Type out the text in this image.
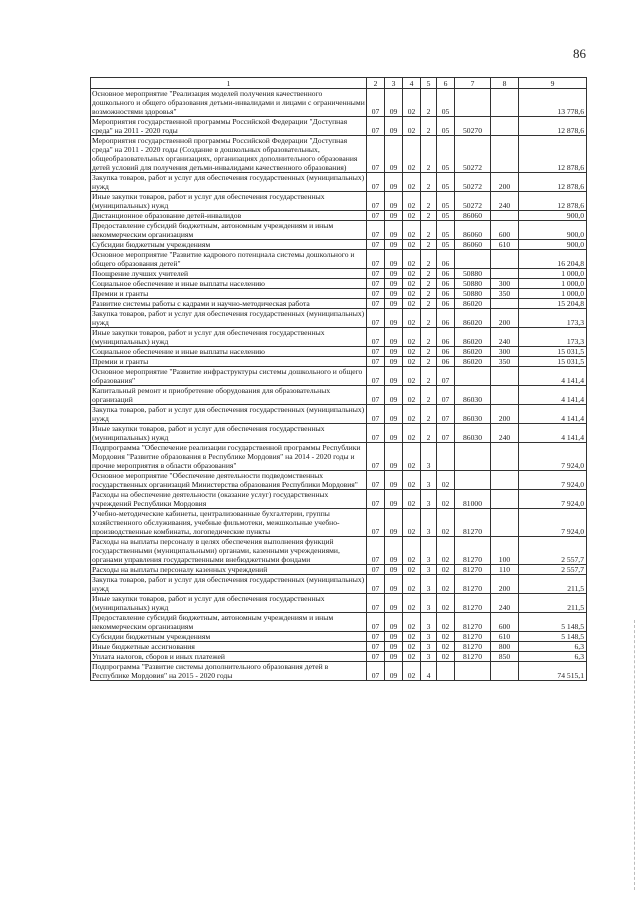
86
1	2	3	4	5	6	7	8	9
Основное мероприятие "Реализация моделей получения качественного дошкольного и общего образования детьми-инвалидами и лицами с ограниченными возможностями здоровья"	07	09	02	2	05			13 778,6
Мероприятия государственной программы Российской Федерации "Доступная среда" на 2011 - 2020 годы	07	09	02	2	05	50270		12 878,6
Мероприятия государственной программы Российской Федерации "Доступная среда" на 2011 - 2020 годы (Создание в дошкольных образовательных, общеобразовательных организациях, организациях дополнительного образования детей условий для получения детьми-инвалидами качественного образования)	07	09	02	2	05	50272		12 878,6
Закупка товаров, работ и услуг для обеспечения государственных (муниципальных) нужд	07	09	02	2	05	50272	200	12 878,6
Иные закупки товаров, работ и услуг для обеспечения государственных (муниципальных) нужд	07	09	02	2	05	50272	240	12 878,6
Дистанционное образование детей-инвалидов	07	09	02	2	05	86060		900,0
Предоставление субсидий бюджетным, автономным учреждениям и иным некоммерческим организациям	07	09	02	2	05	86060	600	900,0
Субсидии бюджетным учреждениям	07	09	02	2	05	86060	610	900,0
Основное мероприятие "Развитие кадрового потенциала системы дошкольного и общего образования детей"	07	09	02	2	06			16 204,8
Поощрение лучших учителей	07	09	02	2	06	50880		1 000,0
Социальное обеспечение и иные выплаты населению	07	09	02	2	06	50880	300	1 000,0
Премии и гранты	07	09	02	2	06	50880	350	1 000,0
Развитие системы работы с кадрами и научно-методическая работа	07	09	02	2	06	86020		15 204,8
Закупка товаров, работ и услуг для обеспечения государственных (муниципальных) нужд	07	09	02	2	06	86020	200	173,3
Иные закупки товаров, работ и услуг для обеспечения государственных (муниципальных) нужд	07	09	02	2	06	86020	240	173,3
Социальное обеспечение и иные выплаты населению	07	09	02	2	06	86020	300	15 031,5
Премии и гранты	07	09	02	2	06	86020	350	15 031,5
Основное мероприятие "Развитие инфраструктуры системы дошкольного и общего образования"	07	09	02	2	07			4 141,4
Капитальный ремонт и приобретение оборудования для образовательных организаций	07	09	02	2	07	86030		4 141,4
Закупка товаров, работ и услуг для обеспечения государственных (муниципальных) нужд	07	09	02	2	07	86030	200	4 141,4
Иные закупки товаров, работ и услуг для обеспечения государственных (муниципальных) нужд	07	09	02	2	07	86030	240	4 141,4
Подпрограмма "Обеспечение реализации государственной программы Республики Мордовия "Развитие образования в Республике Мордовия" на 2014 - 2020 годы и прочие мероприятия в области образования"	07	09	02	3				7 924,0
Основное мероприятие "Обеспечение деятельности подведомственных государственных организаций Министерства образования Республики Мордовия"	07	09	02	3	02			7 924,0
Расходы на обеспечение деятельности (оказание услуг) государственных учреждений Республики Мордовия	07	09	02	3	02	81000		7 924,0
Учебно-методические кабинеты, централизованные бухгалтерии, группы хозяйственного обслуживания, учебные фильмотеки, межшкольные учебно-производственные комбинаты, логопедические пункты	07	09	02	3	02	81270		7 924,0
Расходы на выплаты персоналу в целях обеспечения выполнения функций государственными (муниципальными) органами, казенными учреждениями, органами управления государственными внебюджетными фондами	07	09	02	3	02	81270	100	2 557,7
Расходы на выплаты персоналу казенных учреждений	07	09	02	3	02	81270	110	2 557,7
Закупка товаров, работ и услуг для обеспечения государственных (муниципальных) нужд	07	09	02	3	02	81270	200	211,5
Иные закупки товаров, работ и услуг для обеспечения государственных (муниципальных) нужд	07	09	02	3	02	81270	240	211,5
Предоставление субсидий бюджетным, автономным учреждениям и иным некоммерческим организациям	07	09	02	3	02	81270	600	5 148,5
Субсидии бюджетным учреждениям	07	09	02	3	02	81270	610	5 148,5
Иные бюджетные ассигнования	07	09	02	3	02	81270	800	6,3
Уплата налогов, сборов и иных платежей	07	09	02	3	02	81270	850	6,3
Подпрограмма "Развитие системы дополнительного образования детей в Республике Мордовия" на 2015 - 2020 годы	07	09	02	4				74 515,1
